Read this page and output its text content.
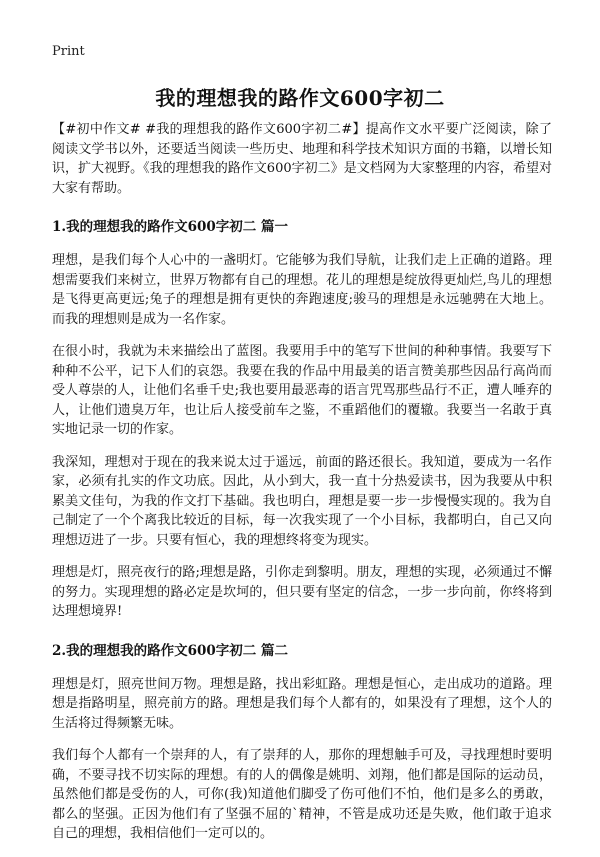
Print
我的理想我的路作文600字初二

【#初中作文# #我的理想我的路作文600字初二#】提高作文水平要广泛阅读，除了阅读文学书以外，还要适当阅读一些历史、地理和科学技术知识方面的书籍，以增长知识，扩大视野。《我的理想我的路作文600字初二》是文档网为大家整理的内容，希望对大家有帮助。

1.我的理想我的路作文600字初二 篇一

理想，是我们每个人心中的一盏明灯。它能够为我们导航，让我们走上正确的道路。理想需要我们来树立，世界万物都有自己的理想。花儿的理想是绽放得更灿烂,鸟儿的理想是飞得更高更远;兔子的理想是拥有更快的奔跑速度;骏马的理想是永远驰骋在大地上。而我的理想则是成为一名作家。

在很小时，我就为未来描绘出了蓝图。我要用手中的笔写下世间的种种事情。我要写下种种不公平，记下人们的哀怨。我要在我的作品中用最美的语言赞美那些因品行高尚而受人尊崇的人，让他们名垂千史;我也要用最恶毒的语言咒骂那些品行不正，遭人唾弃的人，让他们遗臭万年，也让后人接受前车之鉴，不重蹈他们的覆辙。我要当一名敢于真实地记录一切的作家。

我深知，理想对于现在的我来说太过于遥远，前面的路还很长。我知道，要成为一名作家，必须有扎实的作文功底。因此，从小到大，我一直十分热爱读书，因为我要从中积累美文佳句，为我的作文打下基础。我也明白，理想是要一步一步慢慢实现的。我为自己制定了一个个离我比较近的目标，每一次我实现了一个小目标，我都明白，自己又向理想迈进了一步。只要有恒心，我的理想终将变为现实。

理想是灯，照亮夜行的路;理想是路，引你走到黎明。朋友，理想的实现，必须通过不懈的努力。实现理想的路必定是坎坷的，但只要有坚定的信念，一步一步向前，你终将到达理想境界!

2.我的理想我的路作文600字初二 篇二

理想是灯，照亮世间万物。理想是路，找出彩虹路。理想是恒心，走出成功的道路。理想是指路明星，照亮前方的路。理想是我们每个人都有的，如果没有了理想，这个人的生活将过得频繁无味。

我们每个人都有一个崇拜的人，有了崇拜的人，那你的理想触手可及，寻找理想时要明确，不要寻找不切实际的理想。有的人的偶像是姚明、刘翔，他们都是国际的运动员，虽然他们都是受伤的人，可你(我)知道他们脚受了伤可他们不怕，他们是多么的勇敢，都么的坚强。正因为他们有了坚强不屈的`精神，不管是成功还是失败，他们敢于追求自己的理想，我相信他们一定可以的。
